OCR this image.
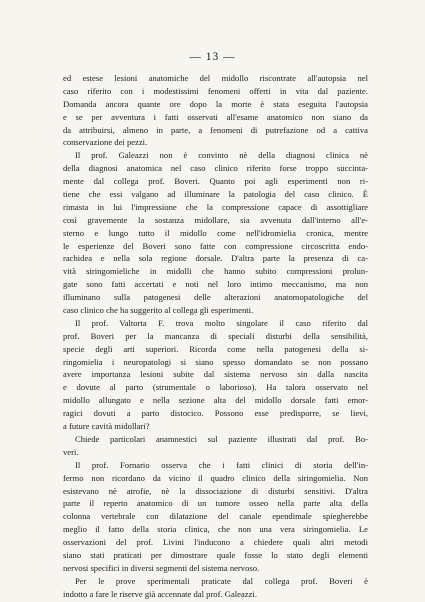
— 13 —
ed estese lesioni anatomiche del midollo riscontrate all'autopsia nel
caso riferito con i modestissimi fenomeni offerti in vita dal paziente.
Domanda ancora quante ore dopo la morte è stata eseguita l'autopsia
e se per avventura i fatti osservati all'esame anatomico non siano da
da attribuirsi, almeno in parte, a fenomeni di putrefazione od a cattiva
conservazione dei pezzi.
Il prof. Galeazzi non è convinto nè della diagnosi clinica nè
della diagnosi anatomica nel caso clinico riferito forse troppo succinta-
mente dal collega prof. Boveri. Quanto poi agli esperimenti non ri-
tiene che essi valgano ad illuminare la patologia del caso clinico. È
rimasta in lui l'impressione che la compressione capace di assottigliare
così gravemente la sostanza midollare, sia avvenuta dall'interno all'e-
sterno e lungo tutto il midollo come nell'idromielia cronica, mentre
le esperienze del Boveri sono fatte con compressione circoscritta endo-
rachidea e nella sola regione dorsale. D'altra parte la presenza di ca-
vità siringomieliche in midolli che hanno subito compressioni prolun-
gate sono fatti accertati e noti nel loro intimo meccanismo, ma non
illuminano sulla patogenesi delle alterazioni anatomopatologiche del
caso clinico che ha suggerito al collega gli esperimenti.
Il prof. Valtorta F. trova molto singolare il caso riferito dal
prof. Boveri per la mancanza di speciali disturbi della sensibilità,
specie degli arti superiori. Ricorda come nella patogenesi della si-
ringomielia i neuropatologi si siano spesso domandato se non possano
avere importanza lesioni subite dal sistema nervoso sin dalla nascita
e dovute al parto (strumentale o laborioso). Ha talora osservato nel
midollo allungato e nella sezione alta del midollo dorsale fatti emor-
ragici dovuti a parto distocico. Possono esse predisporre, se lievi,
a future cavità midollari?
Chiede particolari anamnestici sul paziente illustrati dal prof. Bo-
veri.
Il prof. Fornario osserva che i fatti clinici di storia dell'in-
fermo non ricordano da vicino il quadro clinico della siringomielia. Non
esistevano nè atrofie, nè la dissociazione di disturbi sensitivi. D'altra
parte il reperto anatomico di un tumore osseo nella parte alta della
colonna vertebrale con dilatazione del canale ependimale spiegherebbe
meglio il fatto della storia clinica, che non una vera siringomielia. Le
osservazioni del prof. Livini l'inducono a chiedere quali altri metodi
siano stati praticati per dimostrare quale fosse lo stato degli elementi
nervosi specifici in diversi segmenti del sistema nervoso.
Per le prove sperimentali praticate dal collega prof. Boveri è
indotto a fare le riserve già accennate dal prof. Galeazzi.
